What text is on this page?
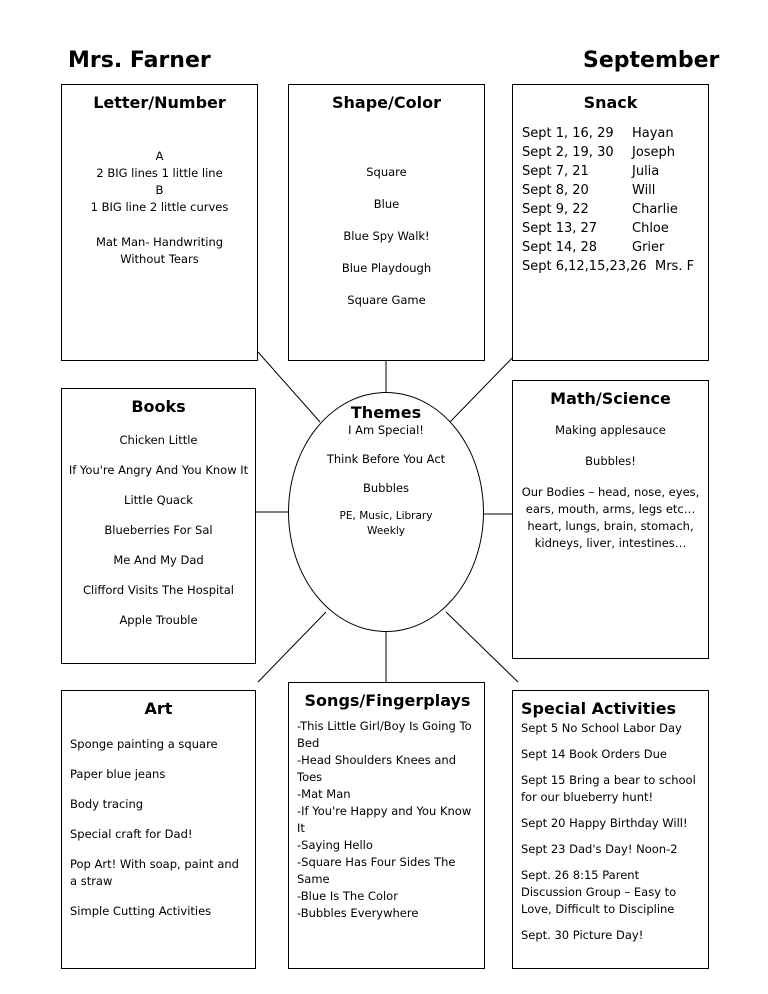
Mrs. Farner	September
Letter/Number
A
2 BIG lines 1 little line
B
1 BIG line 2 little curves
Mat Man- Handwriting Without Tears
Shape/Color

Square

Blue

Blue Spy Walk!

Blue Playdough

Square Game

Snack
Sept 1, 16, 29	Hayan
Sept 2, 19, 30	Joseph
Sept 7, 21	Julia
Sept 8, 20	Will
Sept 9, 22	Charlie
Sept 13, 27	Chloe
Sept 14, 28	Grier
Sept 6,12,15,23,26 Mrs. F
Books

Chicken Little

If You're Angry And You Know It

Little Quack

Blueberries For Sal

Me And My Dad

Clifford Visits The Hospital

Apple Trouble

Themes

I Am Special!

Think Before You Act

Bubbles

PE, Music, Library Weekly

Math/Science

Making applesauce

Bubbles!

Our Bodies – head, nose, eyes, ears, mouth, arms, legs etc… heart, lungs, brain, stomach, kidneys, liver, intestines…

Art

Sponge painting a square

Paper blue jeans

Body tracing

Special craft for Dad!

Pop Art! With soap, paint and a straw

Simple Cutting Activities

Songs/Fingerplays
-This Little Girl/Boy Is Going To Bed
-Head Shoulders Knees and Toes
-Mat Man
-If You're Happy and You Know It
-Saying Hello
-Square Has Four Sides The Same
-Blue Is The Color
-Bubbles Everywhere
Special Activities

Sept 5 No School Labor Day

Sept 14 Book Orders Due

Sept 15 Bring a bear to school for our blueberry hunt!

Sept 20 Happy Birthday Will!

Sept 23 Dad's Day! Noon-2

Sept. 26 8:15 Parent Discussion Group – Easy to Love, Difficult to Discipline

Sept. 30 Picture Day!
